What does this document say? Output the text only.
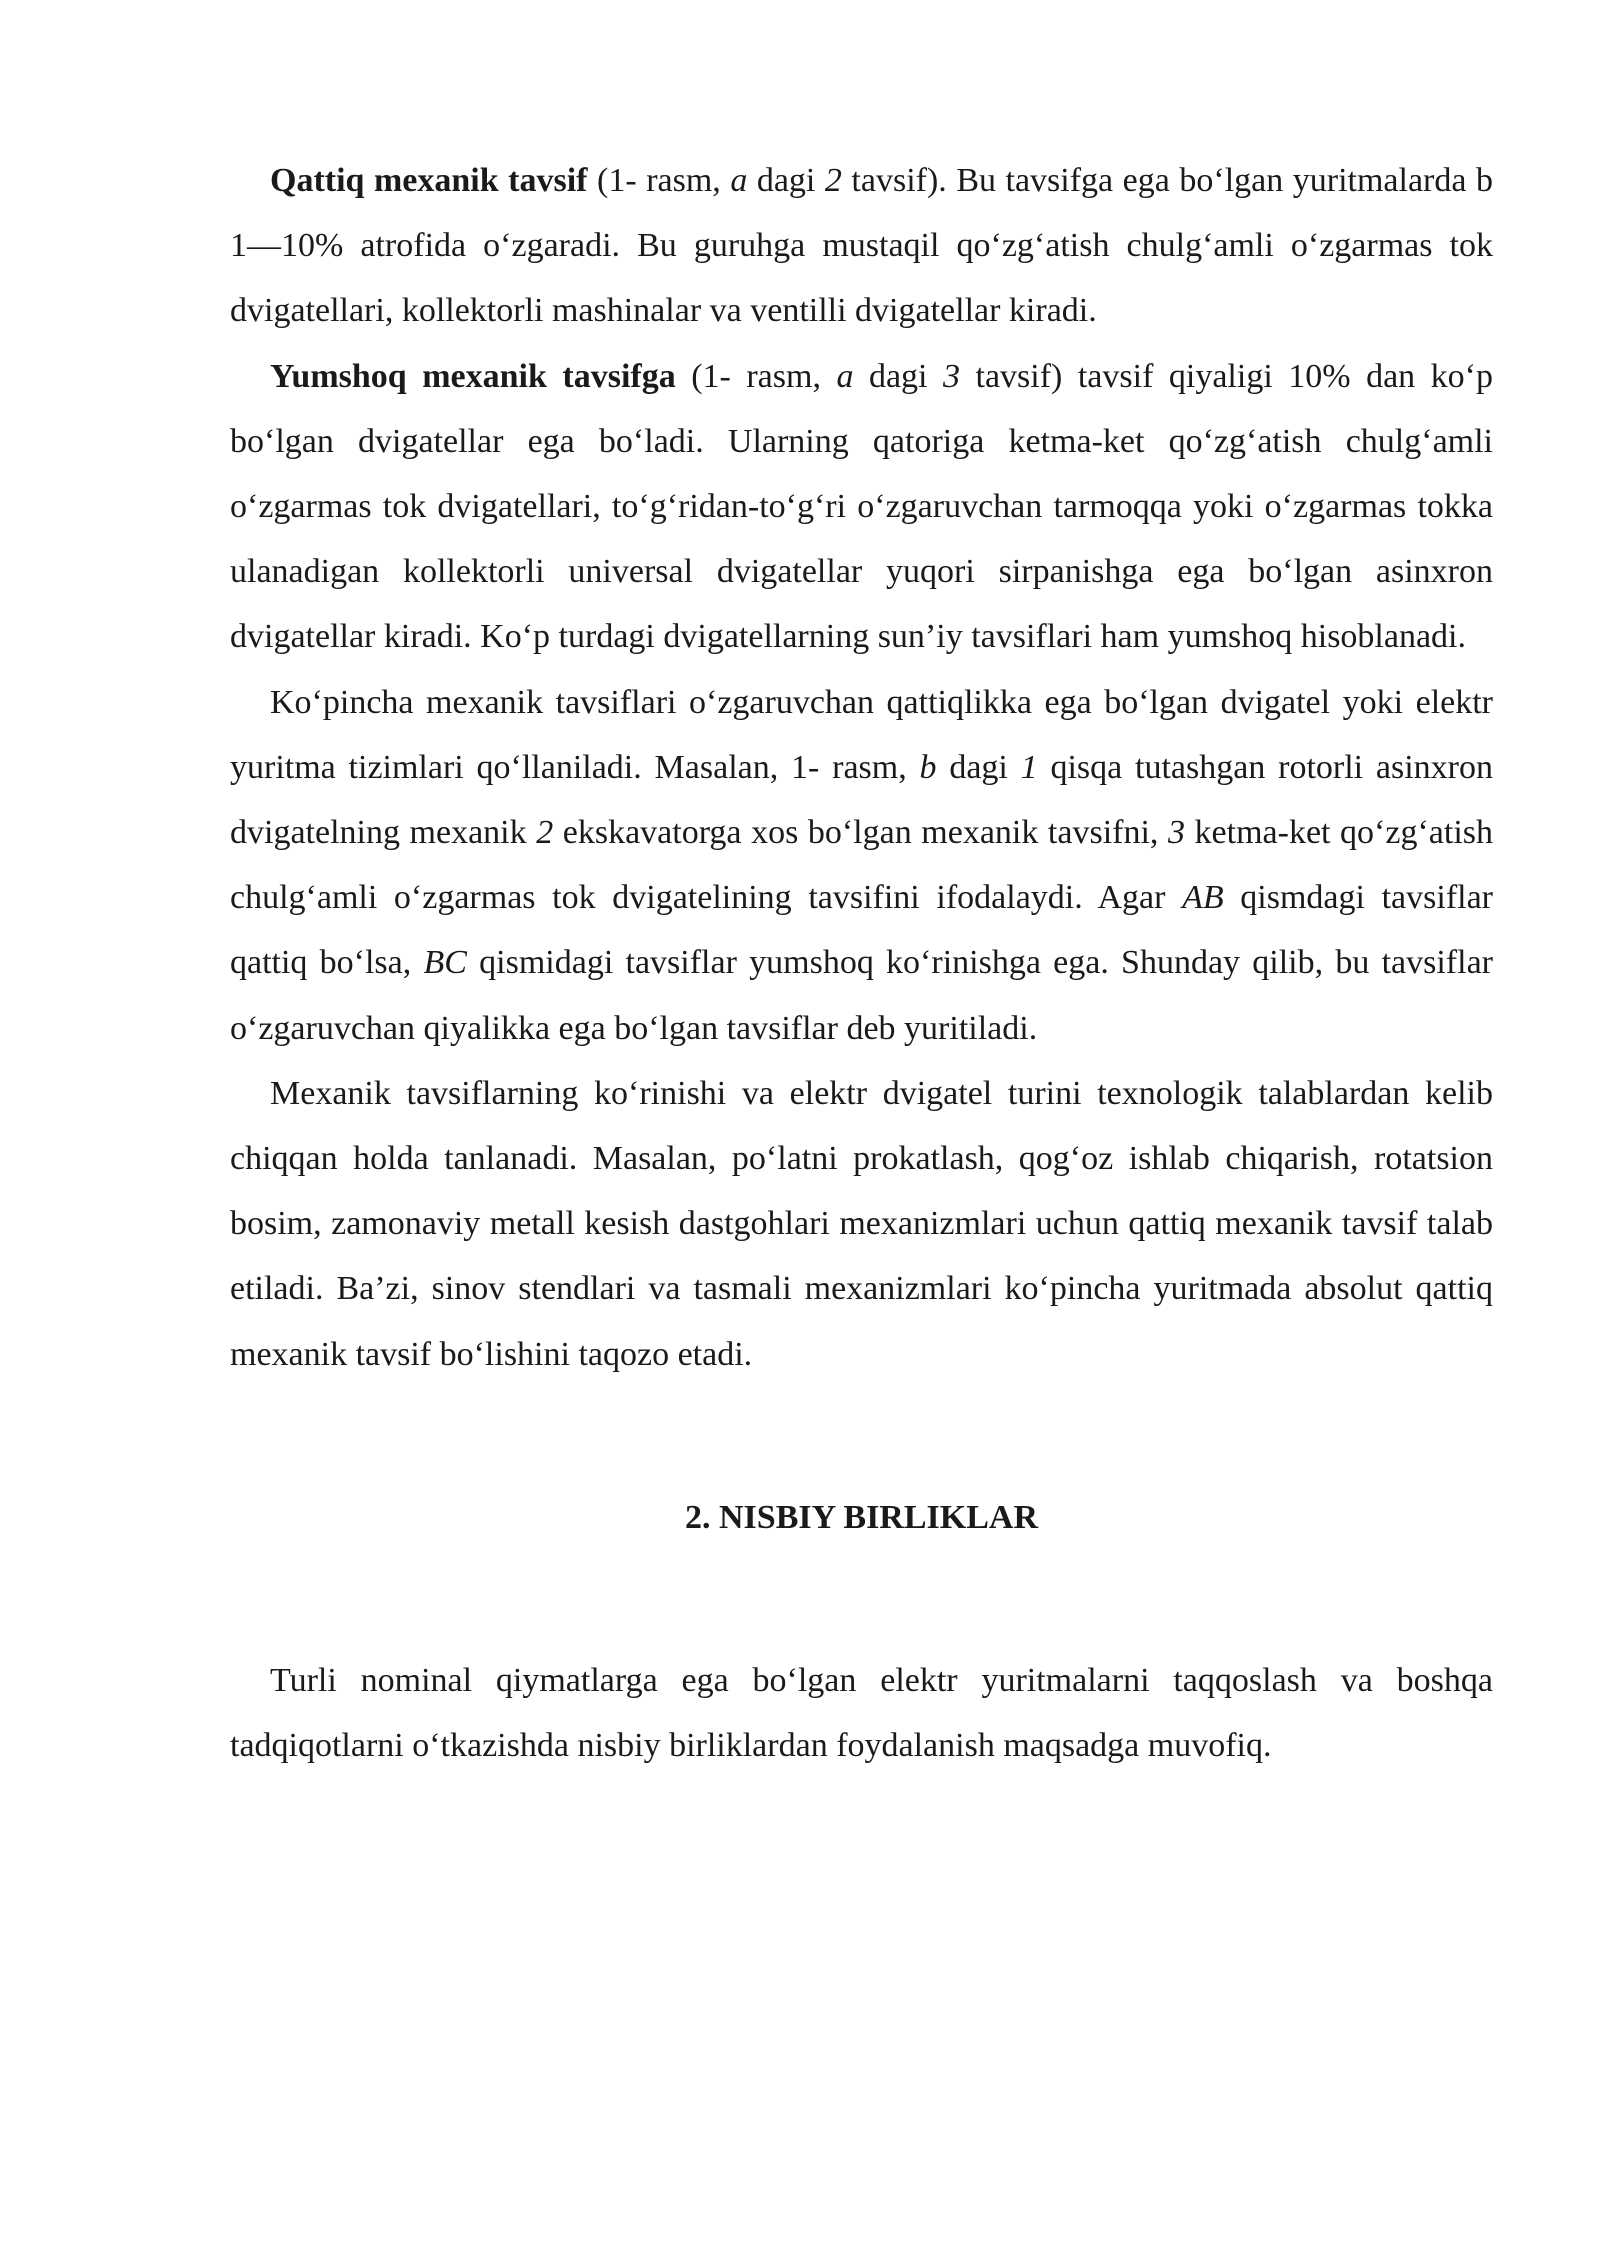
Qattiq mexanik tavsif (1- rasm, a dagi 2 tavsif). Bu tavsifga ega bo‘lgan yuritmalarda b 1—10% atrofida o‘zgaradi. Bu guruhga mustaqil qo‘zg‘atish chulg‘amli o‘zgarmas tok dvigatellari, kollektorli mashinalar va ventilli dvigatellar kiradi.

Yumshoq mexanik tavsifga (1- rasm, a dagi 3 tavsif) tavsif qiyaligi 10% dan ko‘p bo‘lgan dvigatellar ega bo‘ladi. Ularning qatoriga ketma-ket qo‘zg‘atish chulg‘amli o‘zgarmas tok dvigatellari, to‘g‘ridan-to‘g‘ri o‘zgaruvchan tarmoqqa yoki o‘zgarmas tokka ulanadigan kollektorli universal dvigatellar yuqori sirpanishga ega bo‘lgan asinxron dvigatellar kiradi. Ko‘p turdagi dvigatellarning sun’iy tavsiflari ham yumshoq hisoblanadi.

Ko‘pincha mexanik tavsiflari o‘zgaruvchan qattiqlikka ega bo‘lgan dvigatel yoki elektr yuritma tizimlari qo‘llaniladi. Masalan, 1- rasm, b dagi 1 qisqa tutashgan rotorli asinxron dvigatelning mexanik 2 ekskavatorga xos bo‘lgan mexanik tavsifni, 3 ketma-ket qo‘zg‘atish chulg‘amli o‘zgarmas tok dvigatelining tavsifini ifodalaydi. Agar AB qismdagi tavsiflar qattiq bo‘lsa, BC qismidagi tavsiflar yumshoq ko‘rinishga ega. Shunday qilib, bu tavsiflar o‘zgaruvchan qiyalikka ega bo‘lgan tavsiflar deb yuritiladi.

Mexanik tavsiflarning ko‘rinishi va elektr dvigatel turini texnologik talablardan kelib chiqqan holda tanlanadi. Masalan, po‘latni prokatlash, qog‘oz ishlab chiqarish, rotatsion bosim, zamonaviy metall kesish dastgohlari mexanizmlari uchun qattiq mexanik tavsif talab etiladi. Ba’zi, sinov stendlari va tasmali mexanizmlari ko‘pincha yuritmada absolut qattiq mexanik tavsif bo‘lishini taqozo etadi.

2. NISBIY BIRLIKLAR

Turli nominal qiymatlarga ega bo‘lgan elektr yuritmalarni taqqoslash va boshqa tadqiqotlarni o‘tkazishda nisbiy birliklardan foydalanish maqsadga muvofiq.
